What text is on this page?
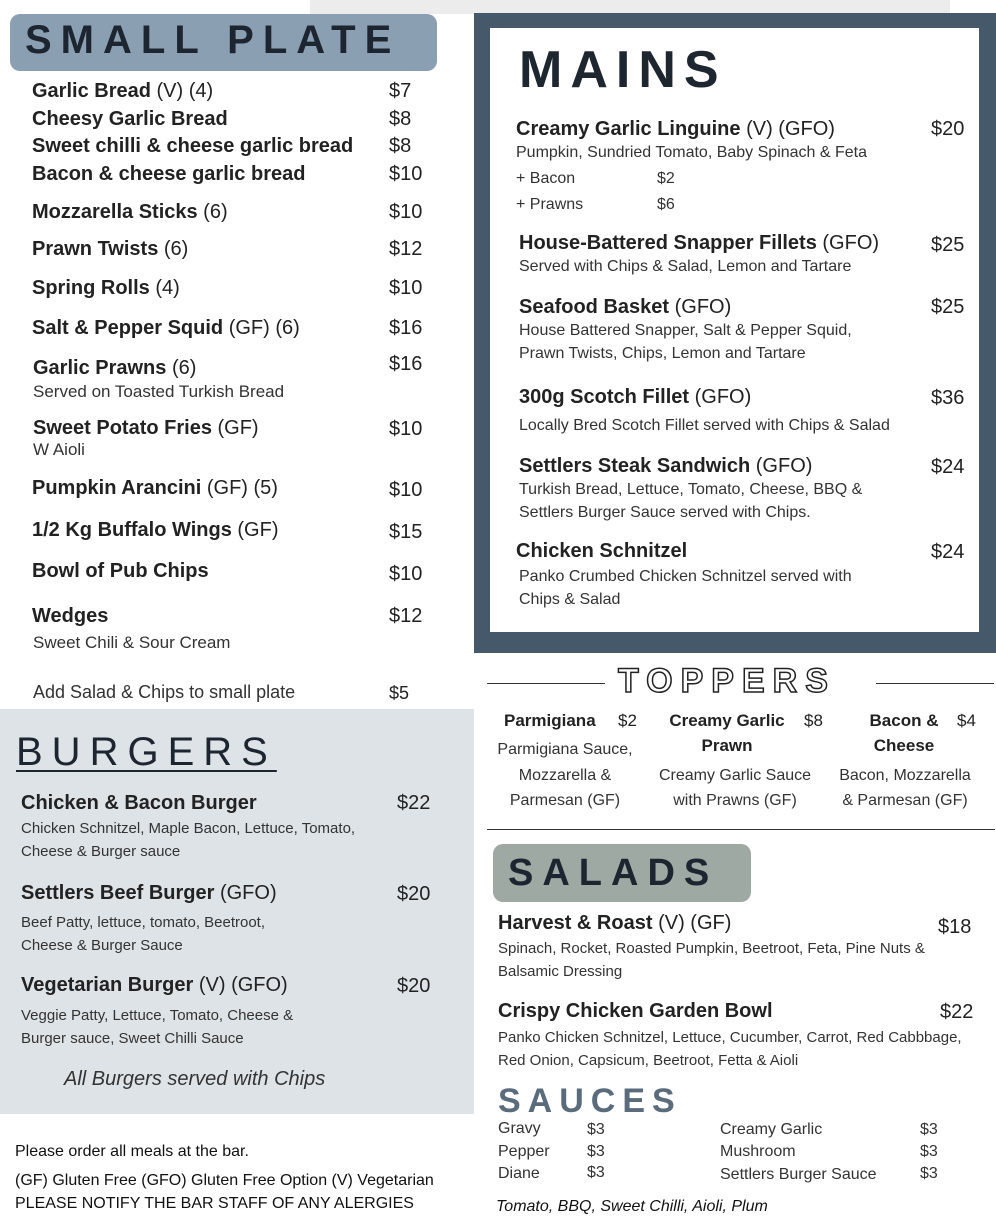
SMALL PLATE
Garlic Bread (V) (4)	$7
Cheesy Garlic Bread	$8
Sweet chilli & cheese garlic bread $8
Bacon & cheese garlic bread	$10
Mozzarella Sticks (6)	$10
Prawn Twists (6)	$12
Spring Rolls (4)	$10
Salt & Pepper Squid (GF) (6)	$16
Garlic Prawns (6)	$16
Served on Toasted Turkish Bread
Sweet Potato Fries (GF)	$10
W Aioli
Pumpkin Arancini (GF) (5)	$10
1/2 Kg Buffalo Wings (GF)	$15
Bowl of Pub Chips	$10
Wedges	$12
Sweet Chili & Sour Cream
Add Salad & Chips to small plate	$5
MAINS
Creamy Garlic Linguine (V) (GFO)	$20
Pumpkin, Sundried Tomato, Baby Spinach & Feta
+ Bacon	$2
+ Prawns	$6
House-Battered Snapper Fillets (GFO)	$25
Served with Chips & Salad, Lemon and Tartare
Seafood Basket (GFO)	$25
House Battered Snapper, Salt & Pepper Squid,
Prawn Twists, Chips, Lemon and Tartare
300g Scotch Fillet (GFO)	$36
Locally Bred Scotch Fillet served with Chips & Salad
Settlers Steak Sandwich (GFO)	$24
Turkish Bread, Lettuce, Tomato, Cheese, BBQ &
Settlers Burger Sauce served with Chips.
Chicken Schnitzel	$24
Panko Crumbed Chicken Schnitzel served with
Chips & Salad
BURGERS
Chicken & Bacon Burger	$22
Chicken Schnitzel, Maple Bacon, Lettuce, Tomato,
Cheese & Burger sauce
Settlers Beef Burger (GFO)	$20
Beef Patty, lettuce, tomato, Beetroot,
Cheese & Burger Sauce
Vegetarian Burger (V) (GFO)	$20
Veggie Patty, Lettuce, Tomato, Cheese &
Burger sauce, Sweet Chilli Sauce
All Burgers served with Chips
TOPPERS
Parmigiana $2
Parmigiana Sauce,
Mozzarella &
Parmesan (GF)
Creamy Garlic	$8
Prawn
Creamy Garlic Sauce
with Prawns (GF)
Bacon &	$4
Cheese
Bacon, Mozzarella
& Parmesan (GF)
SALADS
Harvest & Roast (V) (GF)	$18
Spinach, Rocket, Roasted Pumpkin, Beetroot, Feta, Pine Nuts &
Balsamic Dressing
Crispy Chicken Garden Bowl	$22
Panko Chicken Schnitzel, Lettuce, Cucumber, Carrot, Red Cabbbage,
Red Onion, Capsicum, Beetroot, Fetta & Aioli
SAUCES
Gravy	$3
Pepper $3
Diane	$3
Creamy Garlic	$3
Mushroom	$3
Settlers Burger Sauce	$3
Tomato, BBQ, Sweet Chilli, Aioli, Plum
Please order all meals at the bar.
(GF) Gluten Free (GFO) Gluten Free Option (V) Vegetarian
PLEASE NOTIFY THE BAR STAFF OF ANY ALERGIES
